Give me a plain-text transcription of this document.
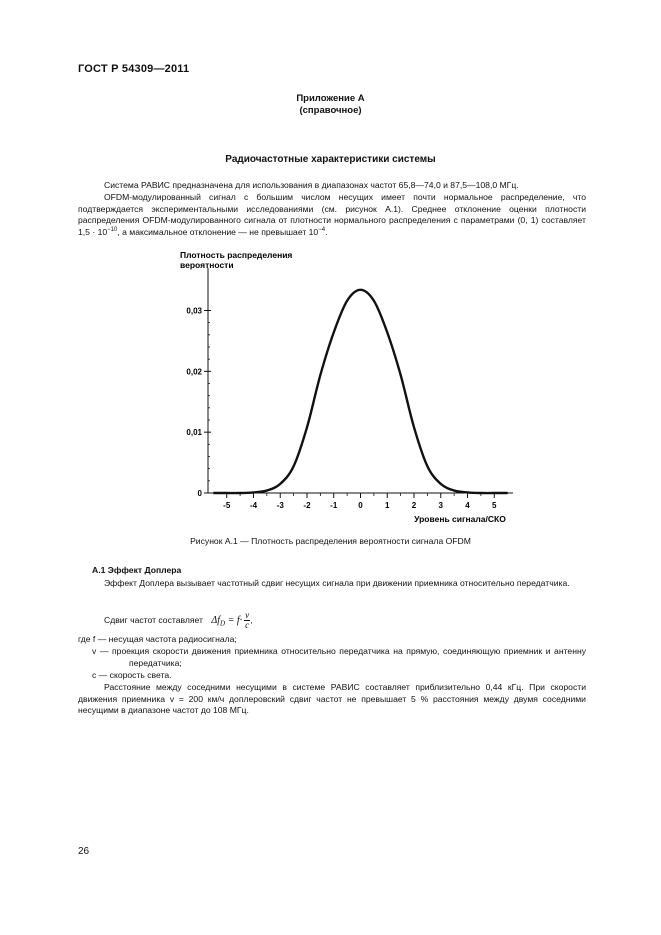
ГОСТ Р 54309—2011
Приложение А
(справочное)
Радиочастотные характеристики системы
Система РАВИС предназначена для использования в диапазонах частот 65,8—74,0 и 87,5—108,0 МГц.
OFDM-модулированный сигнал с большим числом несущих имеет почти нормальное распределение, что подтверждается экспериментальными исследованиями (см. рисунок А.1). Среднее отклонение оценки плотности распределения OFDM-модулированного сигнала от плотности нормального распределения с параметрами (0, 1) составляет $1,5 \cdot 10^{-10}$, а максимальное отклонение — не превышает $10^{-4}$.
Плотность распределения
вероятности
0
0,01
0,02
0,03
-5 -4 -3 -2 -1	0	1	2	3	4	5
Уровень сигнала/СКО
Рисунок А.1 — Плотность распределения вероятности сигнала OFDM
А.1 Эффект Доплера
Эффект Доплера вызывает частотный сдвиг несущих сигнала при движении приемника относительно передатчика.
Сдвиг частот составляет $\Delta f_D = f\cdot \frac{v}{c}$ ,
где f — несущая частота радиосигнала;
v — проекция скорости движения приемника относительно передатчика на прямую, соединяющую приемник и антенну передатчика;
c — скорость света.
Расстояние между соседними несущими в системе РАВИС составляет приблизительно 0,44 кГц. При скорости движения приемника v = 200 км/ч доплеровский сдвиг частот не превышает 5 % расстояния между двумя соседними несущими в диапазоне частот до 108 МГц.
26
